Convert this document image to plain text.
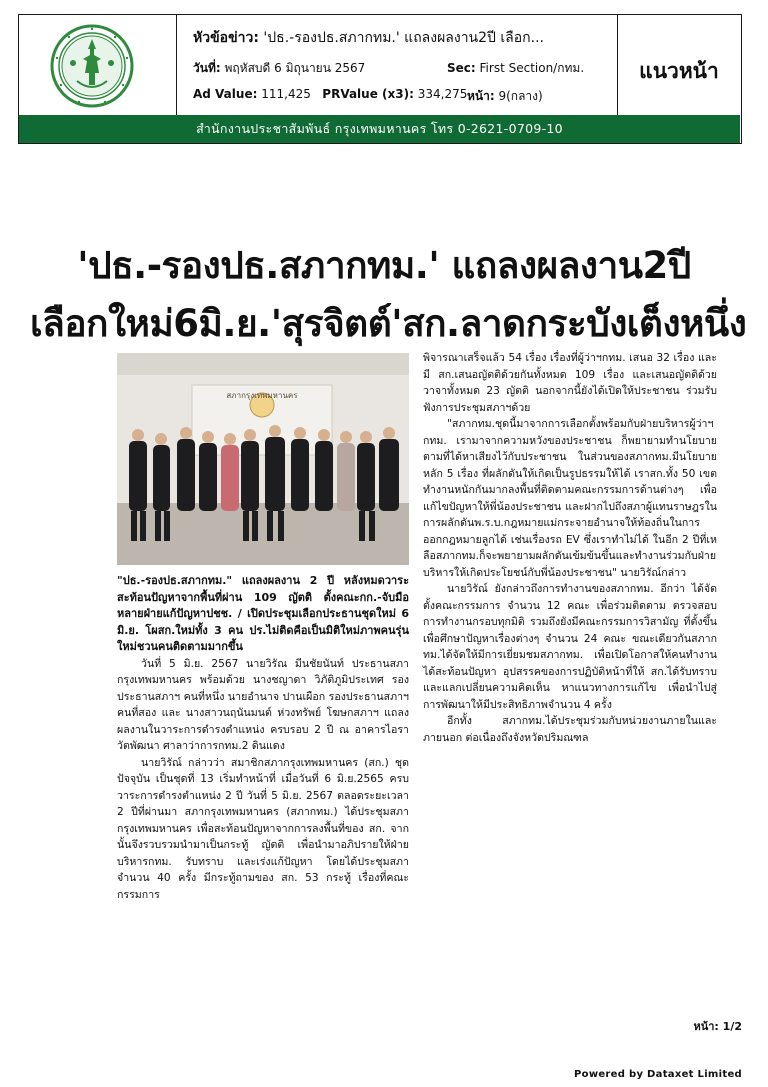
หัวข้อข่าว: 'ปธ.-รองปธ.สภากทม.' แถลงผลงาน2ปี เลือก...
วันที่: พฤหัสบดี 6 มิถุนายน 2567	Sec: First Section/กทม.
Ad Value: 111,425 PRValue (x3): 334,275 หน้า: 9(กลาง)
แนวหน้า
สำนักงานประชาสัมพันธ์ กรุงเทพมหานคร โทร 0-2621-0709-10
'ปธ.-รองปธ.สภากทม.' แถลงผลงาน2ปี
เลือกใหม่6มิ.ย.'สุรจิตต์'สก.ลาดกระบังเต็งหนึ่ง
สภากรุงเทพมหานคร

"ปธ.-รองปธ.สภากทม." แถลงผลงาน 2 ปี หลังหมดวาระ สะท้อนปัญหาจากพื้นที่ผ่าน 109 ญัตติ ตั้งคณะกก.-จับมือหลายฝ่ายแก้ปัญหาปชช. / เปิดประชุมเลือกประธานชุดใหม่ 6 มิ.ย. โผสก.ใหม่ทั้ง 3 คน ปร.ไม่ติดคือเป็นมิติใหม่ภาพคนรุ่นใหม่ชวนคนติดตามมากขึ้น

วันที่ 5 มิ.ย. 2567 นายวิรัณ มีนชัยนันท์ ประธานสภากรุงเทพมหานคร พร้อมด้วย นางชญาดา วิภัติภูมิประเทศ รองประธานสภาฯ คนที่หนึ่ง นายอำนาจ ปานเผือก รองประธานสภาฯ คนที่สอง และ นางสาวนฤนันมนต์ ห่วงทรัพย์ โฆษกสภาฯ แถลงผลงานในวาระการดำรงตำแหน่ง ครบรอบ 2 ปี ณ อาคารไอราวัตพัฒนา ศาลาว่าการกทม.2 ดินแดง

นายวิรัณ์ กล่าวว่า สมาชิกสภากรุงเทพมหานคร (สก.) ชุดปัจจุบัน เป็นชุดที่ 13 เริ่มทำหน้าที่ เมื่อวันที่ 6 มิ.ย.2565 ครบวาระการดำรงตำแหน่ง 2 ปี วันที่ 5 มิ.ย. 2567 ตลอดระยะเวลา 2 ปีที่ผ่านมา สภากรุงเทพมหานคร (สภากทม.) ได้ประชุมสภากรุงเทพมหานคร เพื่อสะท้อนปัญหาจากการลงพื้นที่ของ สก. จากนั้นจึงรวบรวมนำมาเป็นกระทู้ ญัตติ เพื่อนำมาอภิปรายให้ฝ่ายบริหารกทม. รับทราบ และเร่งแก้ปัญหา โดยได้ประชุมสภาจำนวน 40 ครั้ง มีกระทู้ถามของ สก. 53 กระทู้ เรื่องที่คณะกรรมการ

พิจารณาเสร็จแล้ว 54 เรื่อง เรื่องที่ผู้ว่าฯกทม. เสนอ 32 เรื่อง และมี สก.เสนอญัตติด้วยกันทั้งหมด 109 เรื่อง และเสนอญัตติด้วยวาจาทั้งหมด 23 ญัตติ นอกจากนี้ยังได้เปิดให้ประชาชน ร่วมรับฟังการประชุมสภาฯด้วย

"สภากทม.ชุดนี้มาจากการเลือกตั้งพร้อมกับฝ่ายบริหารผู้ว่าฯกทม. เรามาจากความหวังของประชาชน ก็พยายามทำนโยบายตามที่ได้หาเสียงไว้กับประชาชน ในส่วนของสภากทม.มีนโยบายหลัก 5 เรื่อง ที่ผลักดันให้เกิดเป็นรูปธรรมให้ได้ เราสก.ทั้ง 50 เขตทำงานหนักกันมากลงพื้นที่ติดตามคณะกรรมการด้านต่างๆ เพื่อแก้ไขปัญหาให้พี่น้องประชาชน และฝากไปถึงสภาผู้แทนราษฎรในการผลักดันพ.ร.บ.กฎหมายแม่กระจายอำนาจให้ท้องถิ่นในการออกกฎหมายลูกได้ เช่นเรื่องรถ EV ซึ่งเราทำไม่ได้ ในอีก 2 ปีที่เหลือสภากทม.ก็จะพยายามผลักดันเข้มข้นขึ้นและทำงานร่วมกับฝ่ายบริหารให้เกิดประโยชน์กับพี่น้องประชาชน" นายวิรัณ์กล่าว

นายวิรัณ์ ยังกล่าวถึงการทำงานของสภากทม. อีกว่า ได้จัดตั้งคณะกรรมการ จำนวน 12 คณะ เพื่อร่วมติดตาม ตรวจสอบการทำงานกรอบทุกมิติ รวมถึงยังมีคณะกรรมการวิสามัญ ที่ตั้งขึ้นเพื่อศึกษาปัญหาเรื่องต่างๆ จำนวน 24 คณะ ขณะเดียวกันสภากทม.ได้จัดให้มีการเยี่ยมชมสภากทม. เพื่อเปิดโอกาสให้คนทำงานได้สะท้อนปัญหา อุปสรรคของการปฏิบัติหน้าที่ให้ สก.ได้รับทราบ และแลกเปลี่ยนความคิดเห็น หาแนวทางการแก้ไข เพื่อนำไปสู่การพัฒนาให้มีประสิทธิภาพจำนวน 4 ครั้ง

อีกทั้ง สภากทม.ได้ประชุมร่วมกับหน่วยงานภายในและภายนอก ต่อเนื่องถึงจังหวัดปริมณฑล

หน้า: 1/2
Powered by Dataxet Limited
